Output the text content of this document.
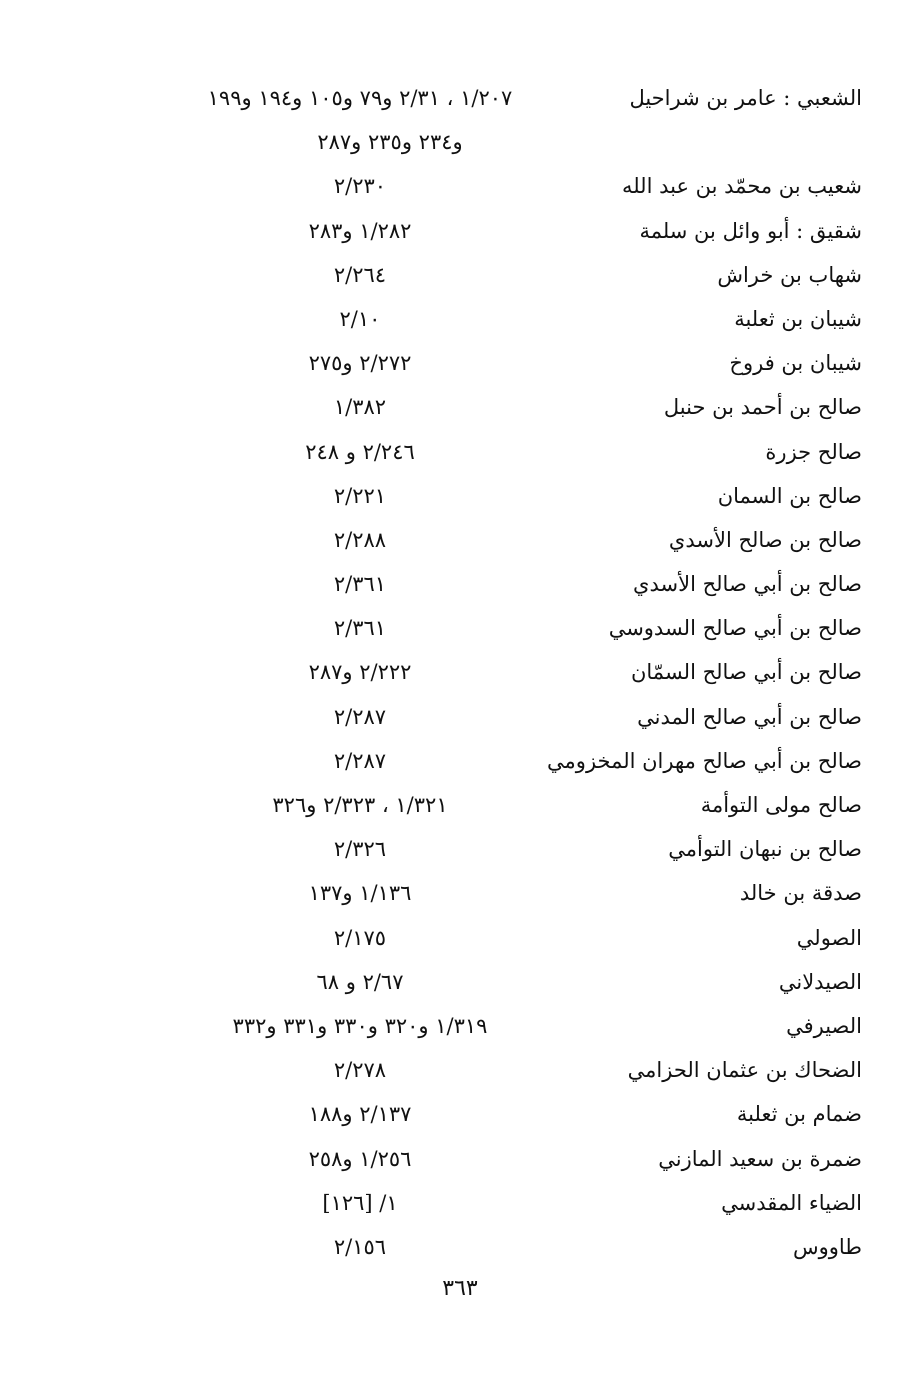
الشعبي : عامر بن شراحيل
١/٢٠٧ ، ٢/٣١ و٧٩ و١٠٥ و١٩٤ و١٩٩
و٢٣٤ و٢٣٥ و٢٨٧
شعيب بن محمّد بن عبد الله
٢/٢٣٠
شقيق : أبو وائل بن سلمة
١/٢٨٢ و٢٨٣
شهاب بن خراش
٢/٢٦٤
شيبان بن ثعلبة
٢/١٠
شيبان بن فروخ
٢/٢٧٢ و٢٧٥
صالح بن أحمد بن حنبل
١/٣٨٢
صالح جزرة
٢/٢٤٦ و ٢٤٨
صالح بن السمان
٢/٢٢١
صالح بن صالح الأسدي
٢/٢٨٨
صالح بن أبي صالح الأسدي
٢/٣٦١
صالح بن أبي صالح السدوسي
٢/٣٦١
صالح بن أبي صالح السمّان
٢/٢٢٢ و٢٨٧
صالح بن أبي صالح المدني
٢/٢٨٧
صالح بن أبي صالح مهران المخزومي
٢/٢٨٧
صالح مولى التوأمة
١/٣٢١ ، ٢/٣٢٣ و٣٢٦
صالح بن نبهان التوأمي
٢/٣٢٦
صدقة بن خالد
١/١٣٦ و١٣٧
الصولي
٢/١٧٥
الصيدلاني
٢/٦٧ و ٦٨
الصيرفي
١/٣١٩ و٣٢٠ و٣٣٠ و٣٣١ و٣٣٢
الضحاك بن عثمان الحزامي
٢/٢٧٨
ضمام بن ثعلبة
٢/١٣٧ و١٨٨
ضمرة بن سعيد المازني
١/٢٥٦ و٢٥٨
الضياء المقدسي
١/ [١٢٦]
طاووس
٢/١٥٦
٣٦٣
